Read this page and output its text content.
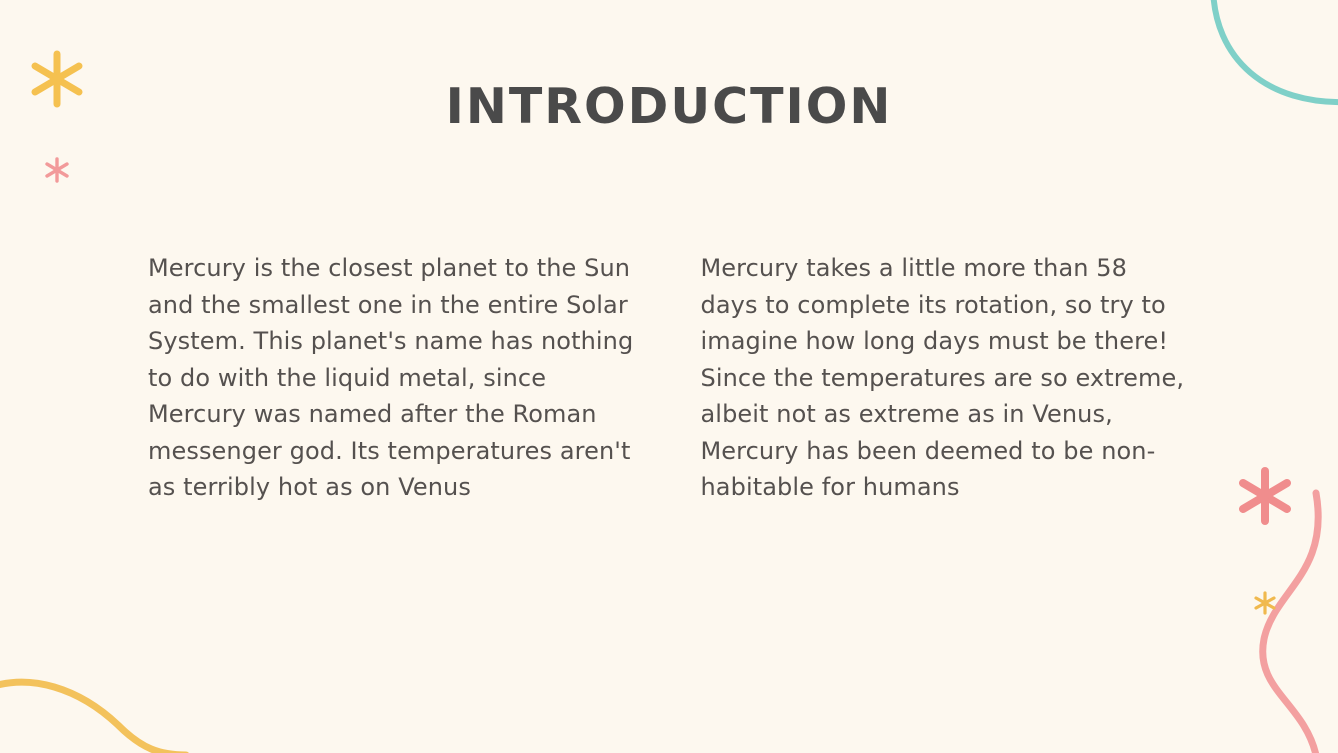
INTRODUCTION

Mercury is the closest planet to the Sun and the smallest one in the entire Solar System. This planet's name has nothing to do with the liquid metal, since Mercury was named after the Roman messenger god. Its temperatures aren't as terribly hot as on Venus

Mercury takes a little more than 58 days to complete its rotation, so try to imagine how long days must be there! Since the temperatures are so extreme, albeit not as extreme as in Venus, Mercury has been deemed to be non-habitable for humans
